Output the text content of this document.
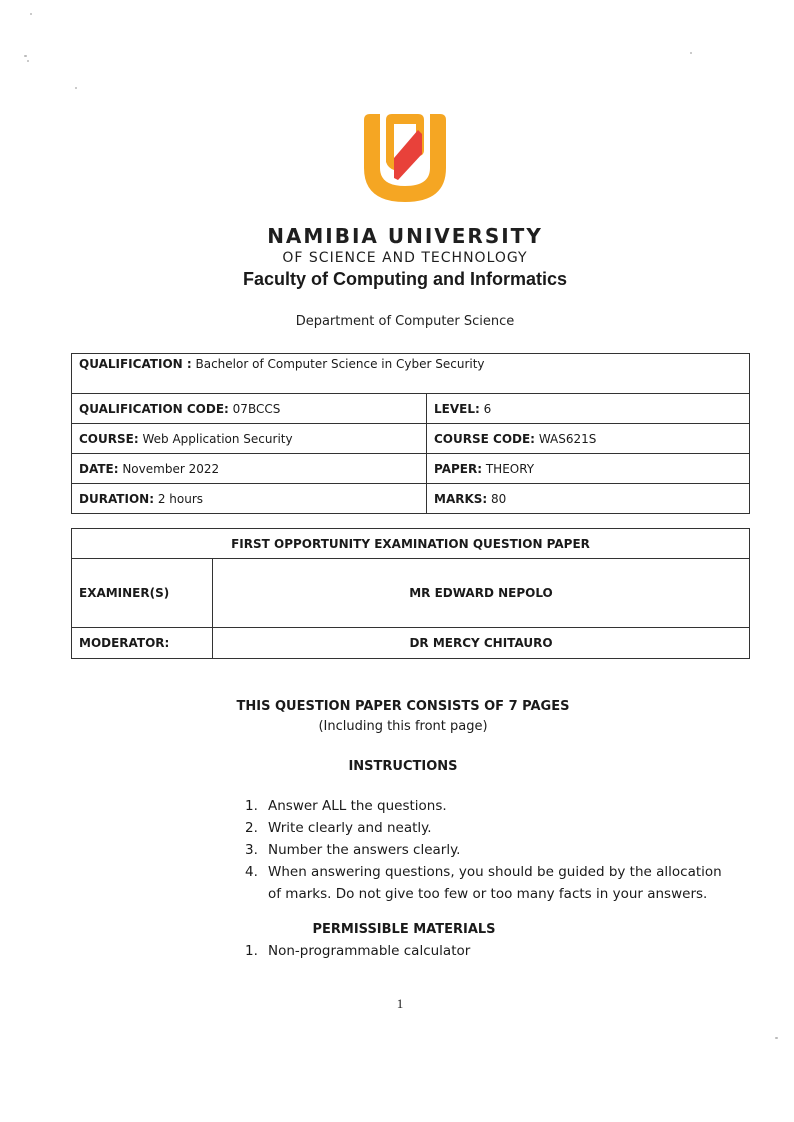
NAMIBIA UNIVERSITY
OF SCIENCE AND TECHNOLOGY
Faculty of Computing and Informatics
Department of Computer Science
QUALIFICATION : Bachelor of Computer Science in Cyber Security	
QUALIFICATION CODE: 07BCCS	LEVEL: 6
COURSE: Web Application Security	COURSE CODE: WAS621S
DATE: November 2022	PAPER: THEORY
DURATION: 2 hours	MARKS: 80
FIRST OPPORTUNITY EXAMINATION QUESTION PAPER	
EXAMINER(S)	MR EDWARD NEPOLO
MODERATOR:	DR MERCY CHITAURO
THIS QUESTION PAPER CONSISTS OF 7 PAGES
(Including this front page)
INSTRUCTIONS
1. Answer ALL the questions.
2. Write clearly and neatly.
3. Number the answers clearly.
4. When answering questions, you should be guided by the allocation of marks. Do not give too few or too many facts in your answers.
PERMISSIBLE MATERIALS
1. Non-programmable calculator
1
